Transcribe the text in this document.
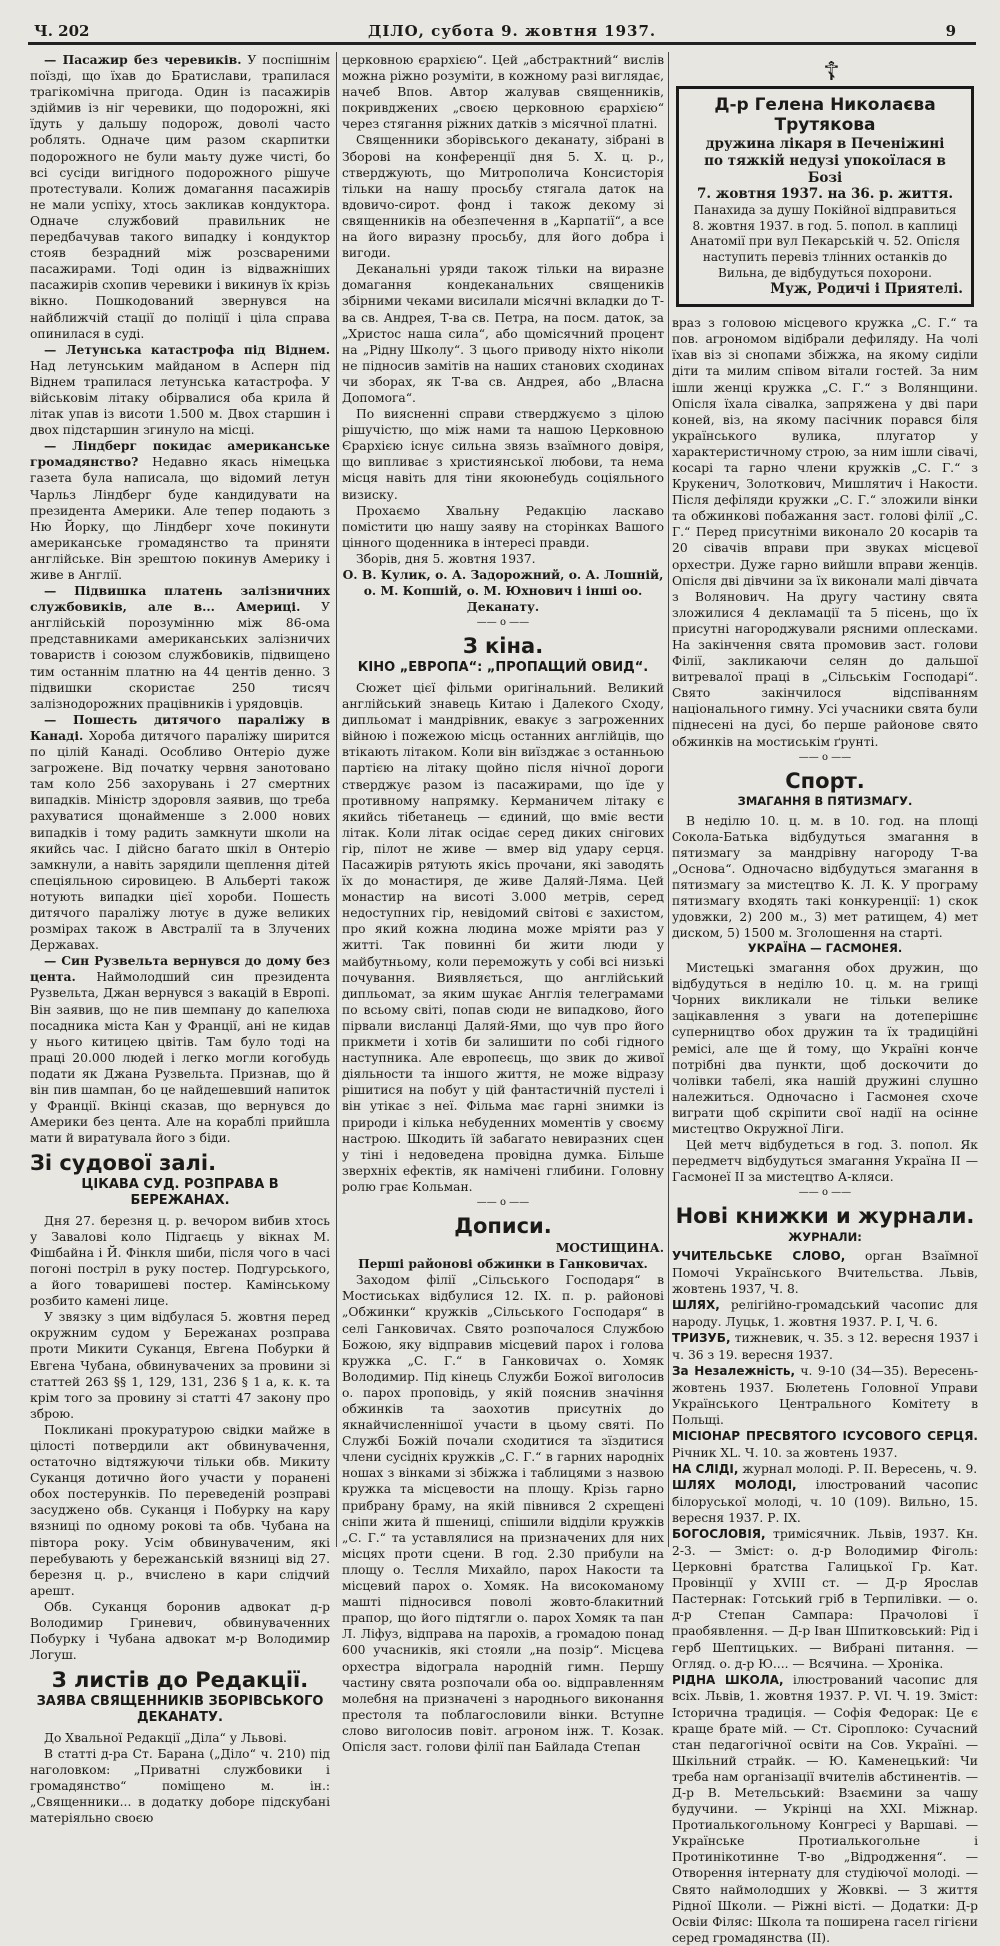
Ч. 202	ДІЛО, субота 9. жовтня 1937.	9

— Пасажир без черевиків. У поспішнім поїзді, що їхав до Братислави, трапилася трагікомічна пригода. Один із пасажирів здіймив із ніг черевики, що подорожні, які їдуть у дальшу подорож, доволі часто роблять. Одначе цим разом скарпитки подорожного не були маьту дуже чисті, бо всі сусіди вигідного подорожного рішуче протестували. Колиж домагання пасажирів не мали успіху, хтось закликав кондуктора. Одначе службовий правильник не передбачував такого випадку і кондуктор стояв безрадний між розсвареними пасажирами. Тоді один із відважніших пасажирів схопив черевики і викинув їх крізь вікно. Пошкодований звернувся на найближчій стації до поліції і ціла справа опинилася в суді.

— Летунська катастрофа під Віднем. Над летунським майданом в Асперн під Віднем трапилася летунська катастрофа. У військовім літаку обірвалися оба крила й літак упав із висоти 1.500 м. Двох старшин і двох підстаршин згинуло на місці.

— Ліндберг покидає американське громадянство? Недавно якась німецька газета була написала, що відомий летун Чарльз Ліндберг буде кандидувати на президента Америки. Але тепер подають з Ню Йорку, що Ліндберг хоче покинути американське громадянство та приняти англійське. Він зрештою покинув Америку і живе в Англії.

— Підвишка платень залізничних службовиків, але в... Америці. У англійській порозумінню між 86-ома представниками американських залізничих товариств і союзом службовиків, підвищено тим останнім платню на 44 центів денно. З підвишки скористає 250 тисяч залізнодорожних працівників і урядовців.

— Пошесть дитячого параліжу в Канаді. Хороба дитячого параліжу ширится по цілій Канаді. Особливо Онтеріо дуже загрожене. Від початку червня занотовано там коло 256 захорувань і 27 смертних випадків. Міністр здоровля заявив, що треба рахуватися щонайменше з 2.000 нових випадків і тому радить замкнути школи на якийсь час. І дійсно багато шкіл в Онтеріо замкнули, а навіть зарядили щеплення дітей спеціяльною сировицею. В Альберті також нотують випадки цієї хороби. Пошесть дитячого параліжу лютує в дуже великих розмірах також в Австралії та в Злучених Державах.

— Син Рузвельта вернувся до дому без цента. Наймолодший син президента Рузвельта, Джан вернувся з вакацій в Европі. Він заявив, що не пив шемпану до капелюха посадника міста Кан у Франції, ані не кидав у нього китицею цвітів. Там було тоді на праці 20.000 людей і легко могли когобудь подати як Джана Рузвельта. Признав, що й він пив шампан, бо це найдешевший напиток у Франції. Вкінці сказав, що вернувся до Америки без цента. Але на кораблі прийшла мати й виратувала його з біди.

Зі судової залі.
ЦІКАВА СУД. РОЗПРАВА В БЕРЕЖАНАХ.

Дня 27. березня ц. р. вечором вибив хтось у Завалові коло Підгаєць у вікнах М. Фішбайна і Й. Фінкля шиби, після чого в часі погоні постріл в руку постер. Подгурського, а його товаришеві постер. Камінському розбито камені лице.

У звязку з цим відбулася 5. жовтня перед окружним судом у Бережанах розправа проти Микити Суканця, Евгена Побурки й Евгена Чубана, обвинувачених за провини зі статтей 263 §§ 1, 129, 131, 236 § 1 а, к. к. та крім того за провину зі статті 47 закону про зброю.

Покликані прокуратурою свідки майже в цілості потвердили акт обвинувачення, остаточно відтяжуючи тільки обв. Микиту Суканця дотично його участи у поранені обох постерунків. По переведеній розправі засуджено обв. Суканця і Побурку на кару вязниці по одному рокові та обв. Чубана на півтора року. Усім обвинуваченим, які перебувають у бережанській вязниці від 27. березня ц. р., вчислено в кари слідчий арешт.

Обв. Суканця боронив адвокат д-р Володимир Гриневич, обвинуваченних Побурку і Чубана адвокат м-р Володимир Логуш.

З листів до Редакції.
ЗАЯВА СВЯЩЕННИКІВ ЗБОРІВСЬКОГО ДЕКАНАТУ.

До Хвальної Редакції „Діла“ у Львові.

В статті д-ра Ст. Барана („Діло“ ч. 210) під наголовком: „Приватні службовики і громадянство“ поміщено м. ін.: „Священники... в додатку доборе підскубані матеріяльно своєю

церковною єрархією“. Цей „абстрактний“ вислів можна ріжно розуміти, в кожному разі виглядає, начеб Впов. Автор жалував священників, покривджених „своєю церковною єрархією“ через стягання ріжних датків з місячної платні.

Священники зборівського деканату, зібрані в Зборові на конференції дня 5. Х. ц. р., стверджують, що Митрополича Консисторія тільки на нашу просьбу стягала даток на вдовичо-сирот. фонд і також декому зі священників на обезпечення в „Карпатії“, а все на його виразну просьбу, для його добра і вигоди.

Деканальні уряди також тільки на виразне домагання кондеканальних священиків збірними чеками висилали місячні вкладки до Т-ва св. Андрея, Т-ва св. Петра, на посм. даток, за „Христос наша сила“, або щомісячний процент на „Рідну Школу“. З цього приводу ніхто ніколи не підносив замітів на наших станових сходинах чи зборах, як Т-ва св. Андрея, або „Власна Допомога“.

По виясненні справи стверджуємо з цілою рішучістю, що між нами та нашою Церковною Єрархією існує сильна звязь взаїмного довіря, що випливає з християнської любови, та нема місця навіть для тіни якоюнебудь соціяльного визиску.

Прохаємо Хвальну Редакцію ласкаво помістити цю нашу заяву на сторінках Вашого цінного щоденника в інтересі правди.

Зборів, дня 5. жовтня 1937.

О. В. Кулик, о. А. Задорожний, о. А. Лошній, о. М. Копшій, о. М. Юхнович і інші оо. Деканату.

—— o ——
З кіна.
КІНО „ЕВРОПА“: „ПРОПАЩИЙ ОВИД“.

Сюжет цієї фільми оригінальний. Великий англійський знавець Китаю і Далекого Сходу, дипльомат і мандрівник, евакує з загроженних війною і пожежою місць останних англійців, що втікають літаком. Коли він виїзджає з останньою партією на літаку щойно після нічної дороги стверджує разом із пасажирами, що їде у противному напрямку. Керманичем літаку є якийсь тібетанець — єдиний, що вміє вести літак. Коли літак осідає серед диких снігових гір, пілот не живе — вмер від удару серця. Пасажирів рятують якісь прочани, які заводять їх до монастиря, де живе Даляй-Ляма. Цей монастир на висоті 3.000 метрів, серед недоступних гір, невідомий світові є захистом, про який кожна людина може мріяти раз у житті. Так повинні би жити люди у майбутньому, коли переможуть у собі всі низькі почування. Виявляється, що англійський дипльомат, за яким шукає Англія телеграмами по всьому світі, попав сюди не випадково, його пірвали висланці Даляй-Ями, що чув про його прикмети і хотів би залишити по собі гідного наступника. Але европеєць, що звик до живої діяльности та іншого життя, не може відразу рішитися на побут у цій фантастичній пустелі і він утікає з неї. Фільма має гарні знимки із природи і кілька небуденних моментів у своєму настрою. Шкодить їй забагато невиразних сцен у тіні і недоведена провідна думка. Більше зверхніх ефектів, як намічені глибини. Головну ролю грає Кольман.

—— o ——
Дописи.

МОСТИЩИНА.

Перші районові обжинки в Ганковичах.

Заходом філії „Сільського Господаря“ в Мостиськах відбулися 12. IX. п. р. районові „Обжинки“ кружків „Сільського Господаря“ в селі Ганковичах. Свято розпочалося Службою Божою, яку відправив місцевий парох і голова кружка „С. Г.“ в Ганковичах о. Хомяк Володимир. Під кінець Служби Божої виголосив о. парох проповідь, у якій пояснив значіння обжинків та заохотив присутніх до якнайчисленнішої участи в цьому святі. По Службі Божій почали сходитися та зїздитися члени сусідніх кружків „С. Г.“ в гарних народніх ношах з вінками зі збіжжа і таблицями з назвою кружка та місцевости на площу. Крізь гарно прибрану браму, на якій півнився 2 схрещені сніпи жита й пшениці, спішили відділи кружків „С. Г.“ та уставлялися на призначених для них місцях проти сцени. В год. 2.30 прибули на площу о. Теслля Михайло, парох Накости та місцевий парох о. Хомяк. На високоманому машті підносився поволі жовто-блакитний прапор, що його підтягли о. парох Хомяк та пан Л. Ліфуз, відправа на парохів, а громадою понад 600 учасників, які стояли „на позір“. Місцева орхестра відограла народній гимн. Першу частину свята розпочали оба оо. відправленням молебня на призначені з народнього виконання престоля та поблагословили вінки. Вступне слово виголосив повіт. агроном інж. Т. Козак. Опісля заст. голови філії пан Байлада Степан

☦
Д-р Гелена Николаєва Трутякова
дружина лікаря в Печеніжині
по тяжкій недузі упокоїлася в Бозі
7. жовтня 1937. на 36. р. життя.
Панахида за душу Покійної відправиться 8. жовтня 1937. в год. 5. попол. в каплиці Анатомії при вул Пекарській ч. 52. Опісля наступить перевіз тлінних останків до Вильна, де відбудуться похорони.
Муж, Родичі і Приятелі.

враз з головою місцевого кружка „С. Г.“ та пов. агрономом відібрали дефиляду. На чолі їхав віз зі снопами збіжжа, на якому сиділи діти та милим співом вітали гостей. За ним ішли женці кружка „С. Г.“ з Волянщини. Опісля їхала сівалка, запряжена у дві пари коней, віз, на якому пасічник порався біля українського вулика, плугатор у характеристичному строю, за ним ішли сівачі, косарі та гарно члени кружків „С. Г.“ з Крукенич, Золоткович, Мишлятич і Накости. Після дефіляди кружки „С. Г.“ зложили вінки та обжинкові побажання заст. голові філії „С. Г.“ Перед присутніми виконало 20 косарів та 20 сівачів вправи при звуках місцевої орхестри. Дуже гарно вийшли вправи женців. Опісля дві дівчини за їх виконали малі дівчата з Волянович. На другу частину свята зложилися 4 декламації та 5 пісень, що їх присутні нагороджували рясними оплесками. На закінчення свята промовив заст. голови Філії, закликаючи селян до дальшої витревалої праці в „Сільськім Господарі“. Свято закінчилося відспіванням національного гимну. Усі учасники свята були піднесені на дусі, бо перше районове свято обжинків на мостиськім ґрунті.

—— o ——
Спорт.
ЗМАГАННЯ В ПЯТИЗМАГУ.

В неділю 10. ц. м. в 10. год. на площі Сокола-Батька відбудуться змагання в пятизмагу за мандрівну нагороду Т-ва „Основа“. Одночасно відбудуться змагання в пятизмагу за мистецтво К. Л. К. У програму пятизмагу входять такі конкуренції: 1) скок удовжки, 2) 200 м., 3) мет ратищем, 4) мет диском, 5) 1500 м. Зголошення на старті.

УКРАЇНА — ГАСМОНЕЯ.

Мистецькі змагання обох дружин, що відбудуться в неділю 10. ц. м. на грищі Чорних викликали не тільки велике зацікавлення з уваги на дотеперішнє суперництво обох дружин та їх традиційні ремісі, але ще й тому, що Україні конче потрібні два пункти, щоб доскочити до чолівки табелі, яка нашій дружині слушно належиться. Одночасно і Гасмонея схоче виграти щоб скріпити свої надії на осінне мистецтво Окружної Ліги.

Цей метч відбудеться в год. 3. попол. Як передметч відбудуться змагання Україна II — Гасмонеї II за мистецтво А-кляси.

—— o ——
Нові книжки и журнали.
ЖУРНАЛИ:

УЧИТЕЛЬСЬКЕ СЛОВО, орган Взаїмної Помочі Українського Вчительства. Львів, жовтень 1937, Ч. 8.

ШЛЯХ, релігійно-громадський часопис для народу. Луцьк, 1. жовтня 1937. Р. І, Ч. 6.

ТРИЗУБ, тижневик, ч. 35. з 12. вересня 1937 і ч. 36 з 19. вересня 1937.

За Незалежність, ч. 9-10 (34—35). Вересень-жовтень 1937. Бюлетень Головної Управи Українського Центрального Комітету в Польщі.

МІСІОНАР ПРЕСВЯТОГО ІСУСОВОГО СЕРЦЯ. Річник XL. Ч. 10. за жовтень 1937.

НА СЛІДІ, журнал молоді. Р. II. Вересень, ч. 9.

ШЛЯХ МОЛОДІ, ілюстрований часопис білоруської молоді, ч. 10 (109). Вильно, 15. вересня 1937. Р. IX.

БОГОСЛОВІЯ, тримісячник. Львів, 1937. Кн. 2-3. — Зміст: о. д-р Володимир Фіголь: Церковні братства Галицької Гр. Кат. Провінції у XVIII ст. — Д-р Ярослав Пастернак: Готський гріб в Терпилівки. — о. д-р Степан Сампара: Прачолові ї праобявлення. — Д-р Іван Шпитковський: Рід і герб Шептицьких. — Вибрані питання. — Огляд. о. д-р Ю.... — Всячина. — Хроніка.

РІДНА ШКОЛА, ілюстрований часопис для всіх. Львів, 1. жовтня 1937. Р. VI. Ч. 19. Зміст: Історична традиція. — Софія Федорак: Це є краще брате мій. — Ст. Сіроплоко: Сучасний стан педагогічної освіти на Сов. Україні. — Шкільний страйк. — Ю. Каменецький: Чи треба нам організації вчителів абстинентів. — Д-р В. Метельський: Взаємини за чашу будучини. — Укрінці на XXI. Міжнар. Протиалькогольному Конгресі у Варшаві. — Українське Протиалькогольне і Протинікотинне Т-во „Відродження“. — Отворення інтернату для студіючої молоді. — Свято наймолодших у Жовкві. — З життя Рідної Школи. — Ріжні вісті. — Додатки: Д-р Освіи Філяс: Школа та поширена гасел гігієни серед громадянства (II).
